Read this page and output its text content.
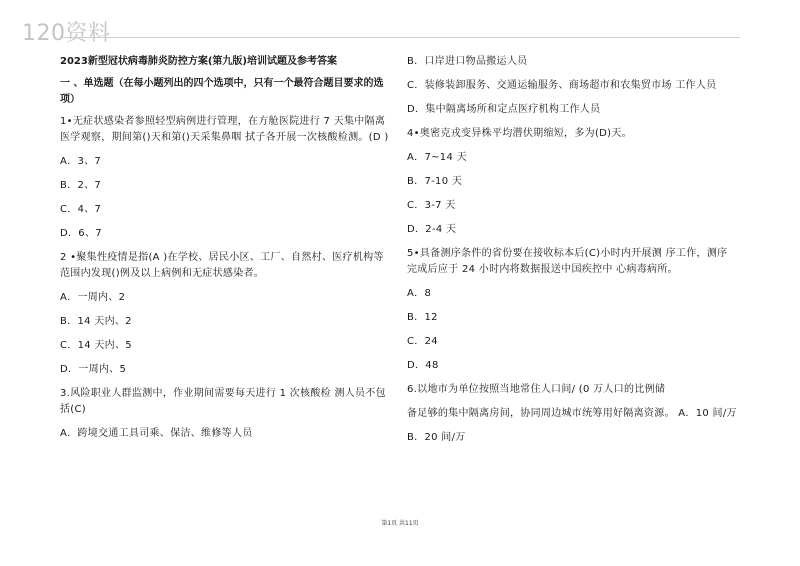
120资料
2023新型冠状病毒肺炎防控方案(第九版)培训试题及参考答案
一 、单选题（在每小题列出的四个选项中，只有一个最符合题目要求的选项）
1•无症状感染者参照轻型病例进行管理，在方舱医院进行 7 天集中隔离医学观察，期间第()天和第()天采集鼻咽 拭子各开展一次核酸检测。(D )
A．3、7
B．2、7
C．4、7
D．6、7
2 •聚集性疫情是指(A )在学校、居民小区、工厂、自然村、医疗机构等范围内发现()例及以上病例和无症状感染者。
A．一周内、2
B．14 天内、2
C．14 天内、5
D．一周内、5
3.风险职业人群监测中，作业期间需要每天进行 1 次核酸检 测人员不包括(C)
A．跨境交通工具司乘、保洁、维修等人员
B．口岸进口物品搬运人员
C．装修装卸服务、交通运输服务、商场超市和农集贸市场 工作人员
D．集中隔离场所和定点医疗机构工作人员
4•奥密克戎变异株平均潜伏期缩短，多为(D)天。
A．7~14 天
B．7-10 天
C．3-7 天
D．2-4 天
5•具备测序条件的省份要在接收标本后(C)小时内开展测 序工作，测序完成后应于 24 小时内将数据报送中国疾控中 心病毒病所。
A．8
B．12
C．24
D．48
6.以地市为单位按照当地常住人口间/ (0 万人口的比例储
备足够的集中隔离房间，协同周边城市统筹用好隔离资源。 A．10 间/万
B．20 间/万
第1页 共11页
